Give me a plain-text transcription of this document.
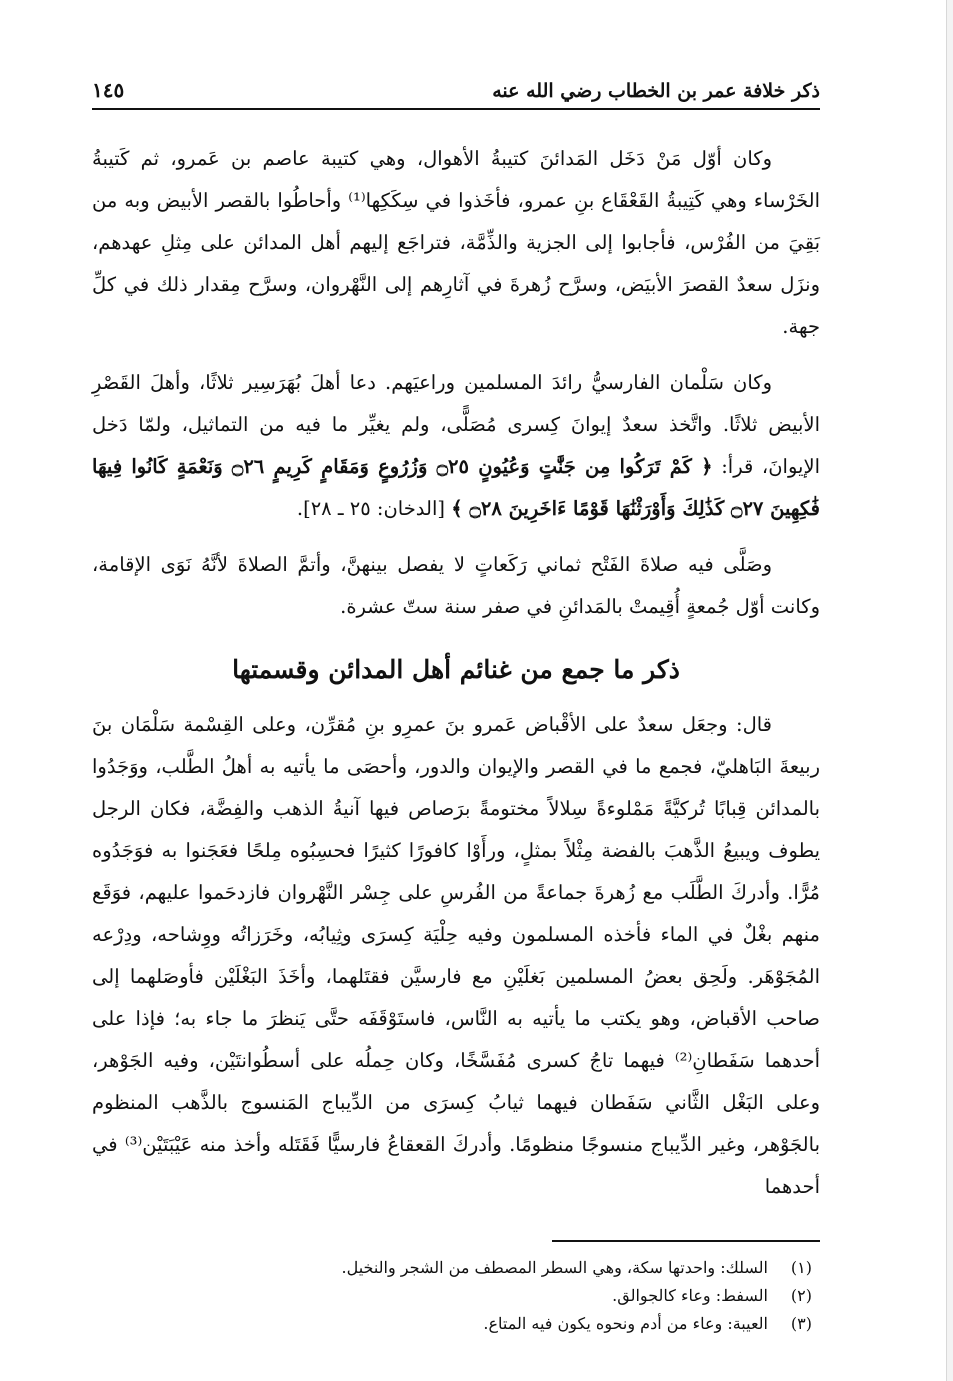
ذكر خلافة عمر بن الخطاب رضي الله عنه
١٤٥

وكان أوّل مَنْ دَخَل المَدائنَ كتيبةُ الأهوال، وهي كتيبة عاصم بن عَمرو، ثم كَتيبةُ الخَرْساء وهي كَتِيبةُ القَعْقَاع بنِ عمرو، فأخَذوا في سِكَكِها⁽¹⁾ وأحاطُوا بالقصر الأبيض وبه من بَقِيَ من الفُرْس، فأجابوا إلى الجزية والذِّمَّة، فتراجَع إليهم أهل المدائن على مِثلِ عهدهم، ونزَل سعدٌ القصرَ الأبيَض، وسرَّح زُهرةَ في آثارِهم إلى النَّهْروان، وسرَّح مِقدار ذلك في كلِّ جهة.

وكان سَلْمان الفارسيُّ رائدَ المسلمين وراعيَهم. دعا أهلَ بُهَرَسِير ثلاثًا، وأهلَ القَصْرِ الأبيض ثلاثًا. واتَّخذ سعدٌ إيوانَ كِسرى مُصَلًّى، ولم يغيِّر ما فيه من التماثيل، ولمّا دَخل الإيوانَ، قرأ: ﴿ كَمْ تَرَكُوا مِن جَنَّٰتٍ وَعُيُونٍ ۝٢٥ وَزُرُوعٍ وَمَقَامٍ كَرِيمٍ ۝٢٦ وَنَعْمَةٍ كَانُوا فِيهَا فَٰكِهِينَ ۝٢٧ كَذَٰلِكَ وَأَوْرَثْنَٰهَا قَوْمًا ءَاخَرِينَ ۝٢٨ ﴾ [الدخان: ٢٥ ـ ٢٨].

وصَلَّى فيه صلاةَ الفَتْح ثماني رَكَعاتٍ لا يفصل بينهنَّ، وأتمَّ الصلاةَ لأنَّهُ نَوَى الإقامة، وكانت أوّل جُمعةٍ أُقِيمتْ بالمَدائنِ في صفر سنة ستّ عشرة.

ذكر ما جمع من غنائم أهل المدائن وقسمتها

قال: وجعَل سعدٌ على الأقْباض عَمرو بنَ عمرِو بنِ مُقرِّن، وعلى القِسْمة سَلْمَان بنَ ربيعةَ البَاهليّ، فجمع ما في القصر والإيوان والدور، وأحصَى ما يأتيه به أهلُ الطَّلب، ووَجَدُوا بالمدائن قِبابًا تُركيَّةً مَمْلوءةً سِلالاً مختومةً برَصاص فيها آنيةُ الذهب والفِضَّة، فكان الرجل يطوف ويبيعُ الذَّهبَ بالفضة مِثْلاً بمثلٍ، ورأَوْا كافورًا كثيرًا فحسِبُوه مِلحًا فعَجَنوا به فوَجَدُوه مُرًّا. وأدركَ الطَّلَب مع زُهرةَ جماعةً من الفُرسِ على جِسْر النَّهْروان فازدحَموا عليهم، فوَقَع منهم بغْلٌ في الماء فأخذه المسلمون وفيه حِلْيَة كِسرَى وثِيابُه، وخَرَزاتُه ووِشاحه، ودِرْعه المُجَوْهَر. ولَحِق بعضُ المسلمين بَغلَيْنِ مع فارسيَّن فقتَلهما، وأخَذَ البَغْلَيْن فأوصَلهما إلى صاحب الأقباض، وهو يكتب ما يأتيه به النَّاس، فاستَوْقَفَه حتَّى يَنظرَ ما جاء به؛ فإذا على أحدهما سَفَطانِ⁽²⁾ فيهما تاجُ كسرى مُفَسَّخًا، وكان حِملُه على أسطُوانتَيْن، وفيه الجَوْهر، وعلى البَغْل الثَّاني سَفَطان فيهما ثيابُ كِسرَى من الدِّيباج المَنسوج بالذَّهب المنظوم بالجَوْهر، وغير الدِّيباج منسوجًا منظومًا. وأدركَ القعقاعُ فارسيًّا فَقَتَله وأخذ منه عَيْبَتَيْن⁽³⁾ في أحدهما

(١)
السلك: واحدتها سكة، وهي السطر المصطف من الشجر والنخيل.
(٢)
السفط: وعاء كالجوالق.
(٣)
العيبة: وعاء من أدم ونحوه يكون فيه المتاع.
